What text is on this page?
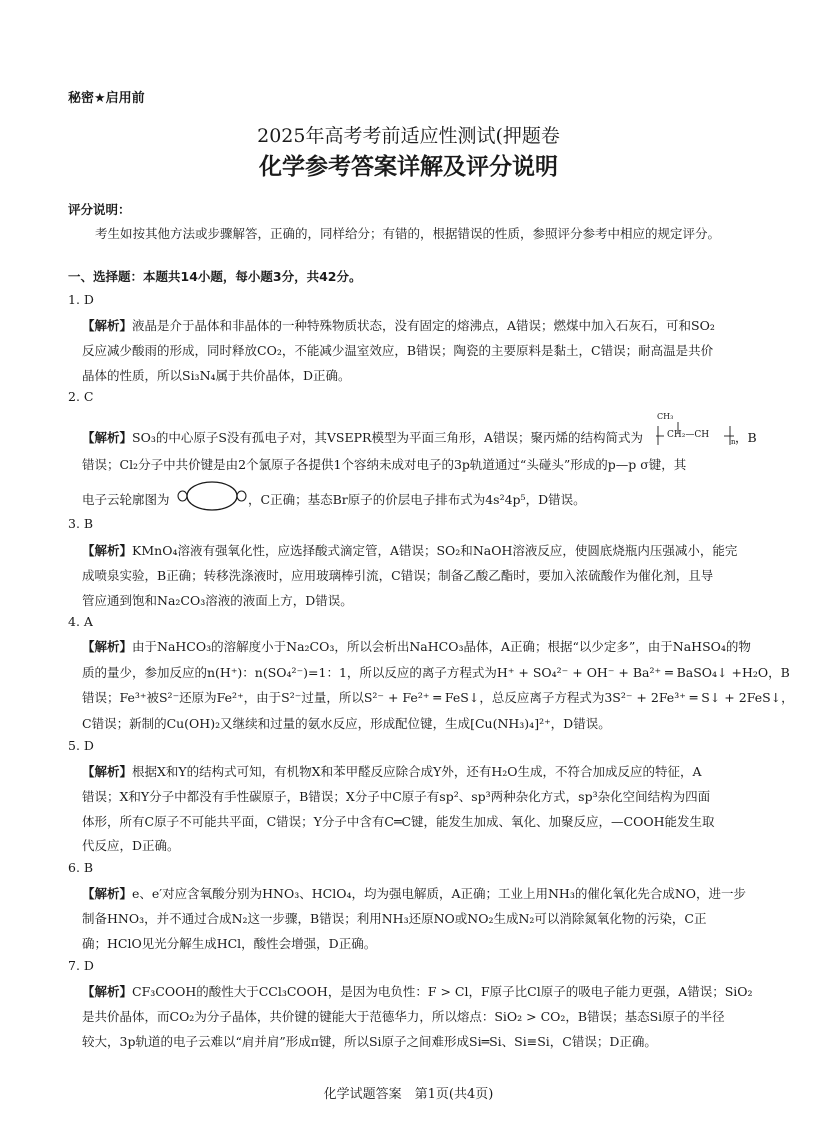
秘密★启用前
2025年高考考前适应性测试(押题卷
化学参考答案详解及评分说明
评分说明：
考生如按其他方法或步骤解答，正确的，同样给分；有错的，根据错误的性质，参照评分参考中相应的规定评分。
一、选择题：本题共14小题，每小题3分，共42分。
1. D
【解析】液晶是介于晶体和非晶体的一种特殊物质状态，没有固定的熔沸点，A错误；燃煤中加入石灰石，可和SO₂
反应减少酸雨的形成，同时释放CO₂，不能减少温室效应，B错误；陶瓷的主要原料是黏土，C错误；耐高温是共价
晶体的性质，所以Si₃N₄属于共价晶体，D正确。
2. C
【解析】SO₃的中心原子S没有孤电子对，其VSEPR模型为平面三角形，A错误；聚丙烯的结构简式为
CH₃
CH₂—CH
n ，B
错误；Cl₂分子中共价键是由2个氯原子各提供1个容纳未成对电子的3p轨道通过“头碰头”形成的p—p σ键，其
电子云轮廓图为	，C正确；基态Br原子的价层电子排布式为4s²4p⁵，D错误。
3. B
【解析】KMnO₄溶液有强氧化性，应选择酸式滴定管，A错误；SO₂和NaOH溶液反应，使圆底烧瓶内压强减小，能完
成喷泉实验，B正确；转移洗涤液时，应用玻璃棒引流，C错误；制备乙酸乙酯时，要加入浓硫酸作为催化剂，且导
管应通到饱和Na₂CO₃溶液的液面上方，D错误。
4. A
【解析】由于NaHCO₃的溶解度小于Na₂CO₃，所以会析出NaHCO₃晶体，A正确；根据“以少定多”，由于NaHSO₄的物
质的量少，参加反应的n(H⁺)：n(SO₄²⁻)=1：1，所以反应的离子方程式为H⁺ + SO₄²⁻ + OH⁻ + Ba²⁺ ═ BaSO₄↓ +H₂O，B
错误；Fe³⁺被S²⁻还原为Fe²⁺，由于S²⁻过量，所以S²⁻ + Fe²⁺ ═ FeS↓，总反应离子方程式为3S²⁻ + 2Fe³⁺ ═ S↓ + 2FeS↓，
C错误；新制的Cu(OH)₂又继续和过量的氨水反应，形成配位键，生成[Cu(NH₃)₄]²⁺，D错误。
5. D
【解析】根据X和Y的结构式可知，有机物X和苯甲醛反应除合成Y外，还有H₂O生成，不符合加成反应的特征，A
错误；X和Y分子中都没有手性碳原子，B错误；X分子中C原子有sp²、sp³两种杂化方式，sp³杂化空间结构为四面
体形，所有C原子不可能共平面，C错误；Y分子中含有C═C键，能发生加成、氧化、加聚反应，—COOH能发生取
代反应，D正确。
6. B
【解析】e、e′对应含氧酸分别为HNO₃、HClO₄，均为强电解质，A正确；工业上用NH₃的催化氧化先合成NO，进一步
制备HNO₃，并不通过合成N₂这一步骤，B错误；利用NH₃还原NO或NO₂生成N₂可以消除氮氧化物的污染，C正
确；HClO见光分解生成HCl，酸性会增强，D正确。
7. D
【解析】CF₃COOH的酸性大于CCl₃COOH，是因为电负性：F > Cl，F原子比Cl原子的吸电子能力更强，A错误；SiO₂
是共价晶体，而CO₂为分子晶体，共价键的键能大于范德华力，所以熔点：SiO₂ > CO₂，B错误；基态Si原子的半径
较大，3p轨道的电子云难以“肩并肩”形成π键，所以Si原子之间难形成Si═Si、Si≡Si，C错误；D正确。
化学试题答案　第1页(共4页)
